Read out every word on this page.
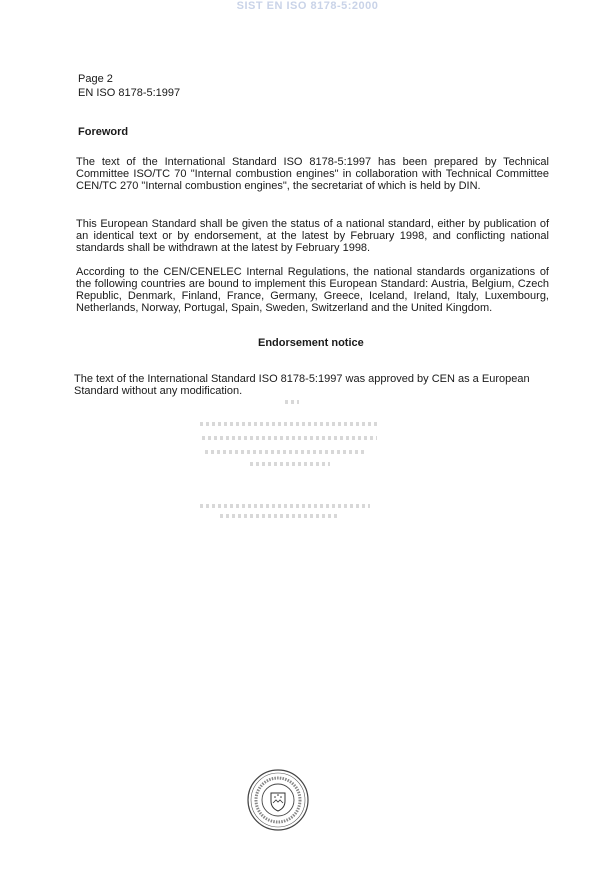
SIST EN ISO 8178-5:2000
Page 2
EN ISO 8178-5:1997
Foreword

The text of the International Standard ISO 8178-5:1997 has been prepared by Technical Committee ISO/TC 70 "Internal combustion engines" in collaboration with Technical Committee CEN/TC 270 "Internal combustion engines", the secretariat of which is held by DIN.

This European Standard shall be given the status of a national standard, either by publication of an identical text or by endorsement, at the latest by February 1998, and conflicting national standards shall be withdrawn at the latest by February 1998.

According to the CEN/CENELEC Internal Regulations, the national standards organizations of the following countries are bound to implement this European Standard: Austria, Belgium, Czech Republic, Denmark, Finland, France, Germany, Greece, Iceland, Ireland, Italy, Luxembourg, Netherlands, Norway, Portugal, Spain, Sweden, Switzerland and the United Kingdom.

Endorsement notice

The text of the International Standard ISO 8178-5:1997 was approved by CEN as a European Standard without any modification.
